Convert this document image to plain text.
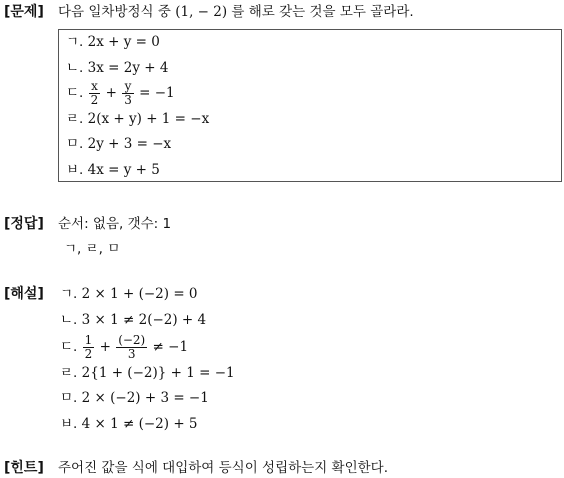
[문제] 다음 일차방정식 중 (1, − 2) 를 해로 갖는 것을 모두 골라라.
ㄱ. 2x + y = 0
ㄴ. 3x = 2y + 4
ㄷ. $\frac{x}{2} + \frac{y}{3} = -1$
ㄹ. 2(x + y) + 1 = −x
ㅁ. 2y + 3 = −x
ㅂ. 4x = y + 5
[정답] 순서: 없음, 갯수: 1
ㄱ, ㄹ, ㅁ
[해설] ㄱ. 2 × 1 + (−2) = 0
ㄴ. 3 × 1 ≠ 2(−2) + 4
ㄷ. $\frac{1}{2} + \frac{(-2)}{3} \ne -1$
ㄹ. 2{1 + (−2)} + 1 = −1
ㅁ. 2 × (−2) + 3 = −1
ㅂ. 4 × 1 ≠ (−2) + 5
[힌트] 주어진 값을 식에 대입하여 등식이 성립하는지 확인한다.
